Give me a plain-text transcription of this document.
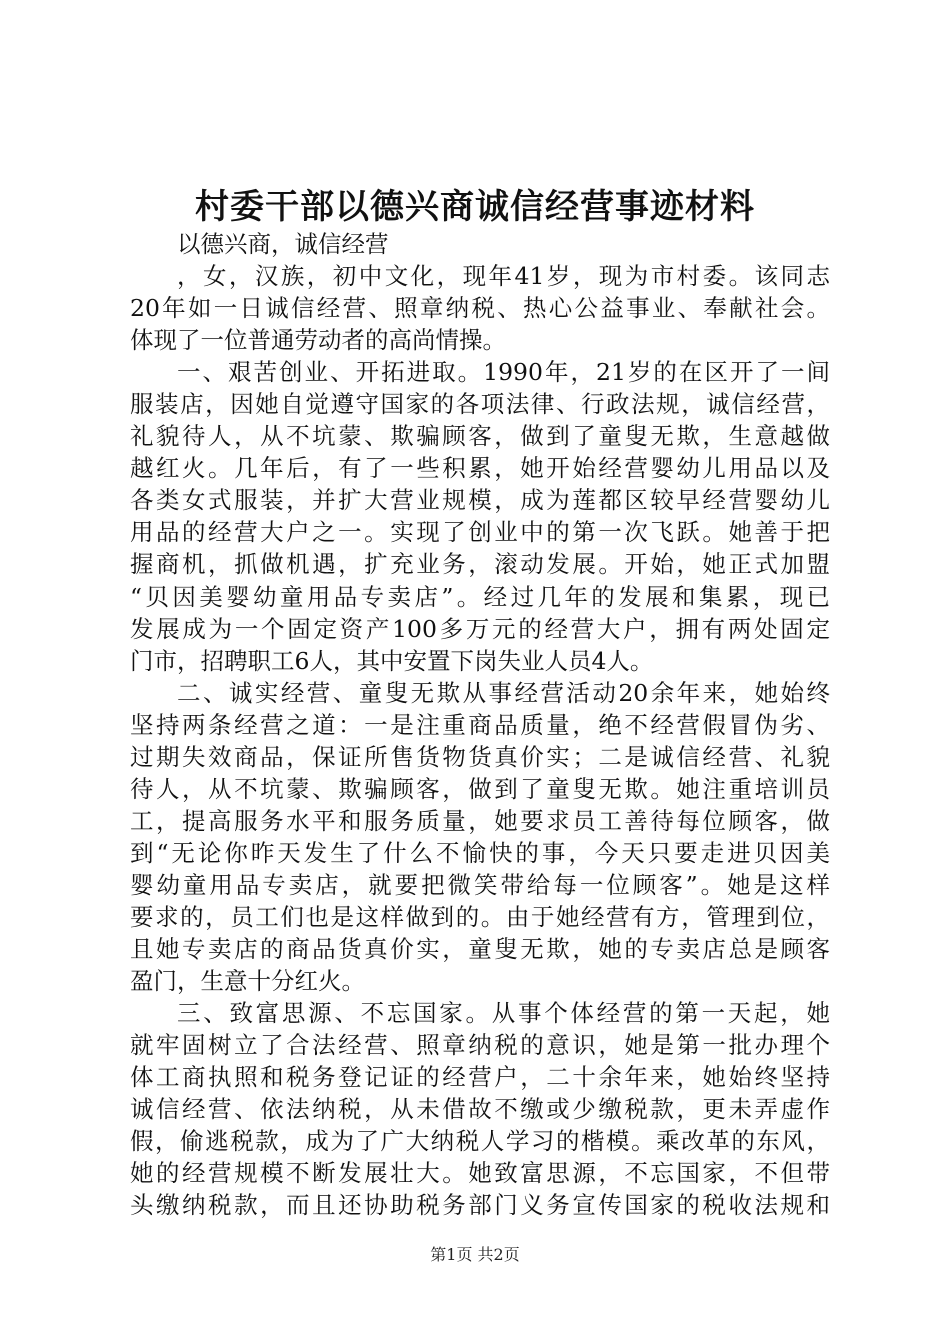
村委干部以德兴商诚信经营事迹材料
以德兴商，诚信经营
，女，汉族，初中文化，现年41岁，现为市村委。该同志
20年如一日诚信经营、照章纳税、热心公益事业、奉献社会。
体现了一位普通劳动者的高尚情操。
一、艰苦创业、开拓进取。1990年，21岁的在区开了一间
服装店，因她自觉遵守国家的各项法律、行政法规，诚信经营，
礼貌待人，从不坑蒙、欺骗顾客，做到了童叟无欺，生意越做
越红火。几年后，有了一些积累，她开始经营婴幼儿用品以及
各类女式服装，并扩大营业规模，成为莲都区较早经营婴幼儿
用品的经营大户之一。实现了创业中的第一次飞跃。她善于把
握商机，抓做机遇，扩充业务，滚动发展。开始，她正式加盟
“贝因美婴幼童用品专卖店”。经过几年的发展和集累，现已
发展成为一个固定资产100多万元的经营大户，拥有两处固定
门市，招聘职工6人，其中安置下岗失业人员4人。
二、诚实经营、童叟无欺从事经营活动20余年来，她始终
坚持两条经营之道：一是注重商品质量，绝不经营假冒伪劣、
过期失效商品，保证所售货物货真价实；二是诚信经营、礼貌
待人，从不坑蒙、欺骗顾客，做到了童叟无欺。她注重培训员
工，提高服务水平和服务质量，她要求员工善待每位顾客，做
到“无论你昨天发生了什么不愉快的事，今天只要走进贝因美
婴幼童用品专卖店，就要把微笑带给每一位顾客”。她是这样
要求的，员工们也是这样做到的。由于她经营有方，管理到位，
且她专卖店的商品货真价实，童叟无欺，她的专卖店总是顾客
盈门，生意十分红火。
三、致富思源、不忘国家。从事个体经营的第一天起，她
就牢固树立了合法经营、照章纳税的意识，她是第一批办理个
体工商执照和税务登记证的经营户，二十余年来，她始终坚持
诚信经营、依法纳税，从未借故不缴或少缴税款，更未弄虚作
假，偷逃税款，成为了广大纳税人学习的楷模。乘改革的东风，
她的经营规模不断发展壮大。她致富思源，不忘国家，不但带
头缴纳税款，而且还协助税务部门义务宣传国家的税收法规和
第1页 共2页
